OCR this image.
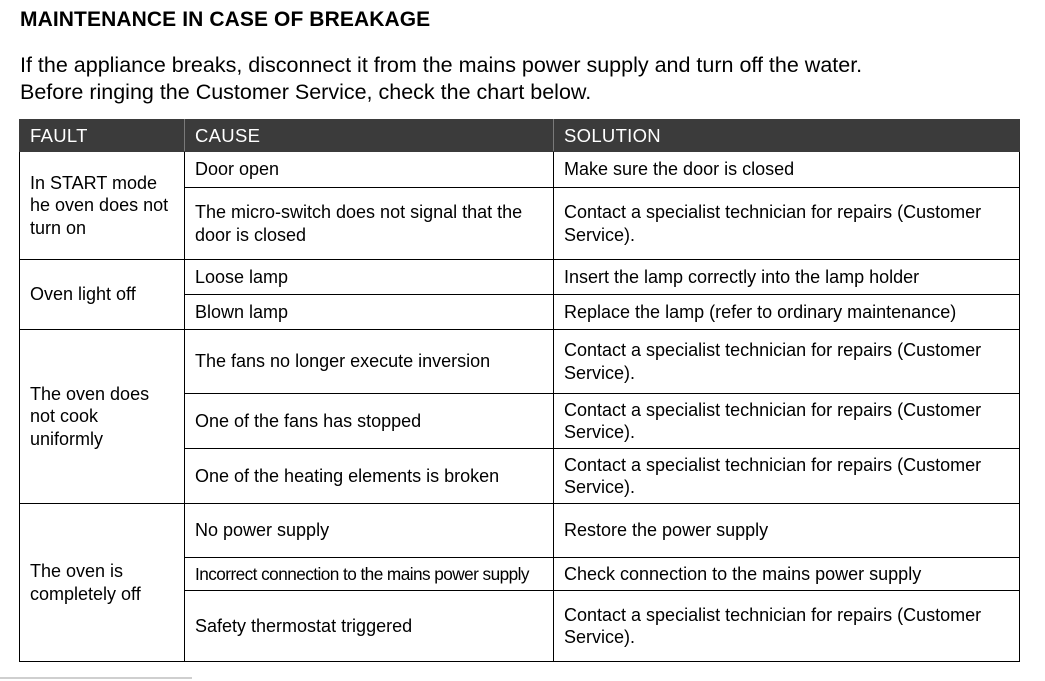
MAINTENANCE IN CASE OF BREAKAGE
If the appliance breaks, disconnect it from the mains power supply and turn off the water.
Before ringing the Customer Service, check the chart below.
FAULT	CAUSE	SOLUTION
In START mode he oven does not turn on	Door open	Make sure the door is closed
	The micro-switch does not signal that the door is closed	Contact a specialist technician for repairs (Customer Service).
Oven light off	Loose lamp	Insert the lamp correctly into the lamp holder
	Blown lamp	Replace the lamp (refer to ordinary maintenance)
The oven does not cook uniformly	The fans no longer execute inversion	Contact a specialist technician for repairs (Customer Service).
	One of the fans has stopped	Contact a specialist technician for repairs (Customer Service).
	One of the heating elements is broken	Contact a specialist technician for repairs (Customer Service).
The oven is completely off	No power supply	Restore the power supply
	Incorrect connection to the mains power supply	Check connection to the mains power supply
	Safety thermostat triggered	Contact a specialist technician for repairs (Customer Service).
